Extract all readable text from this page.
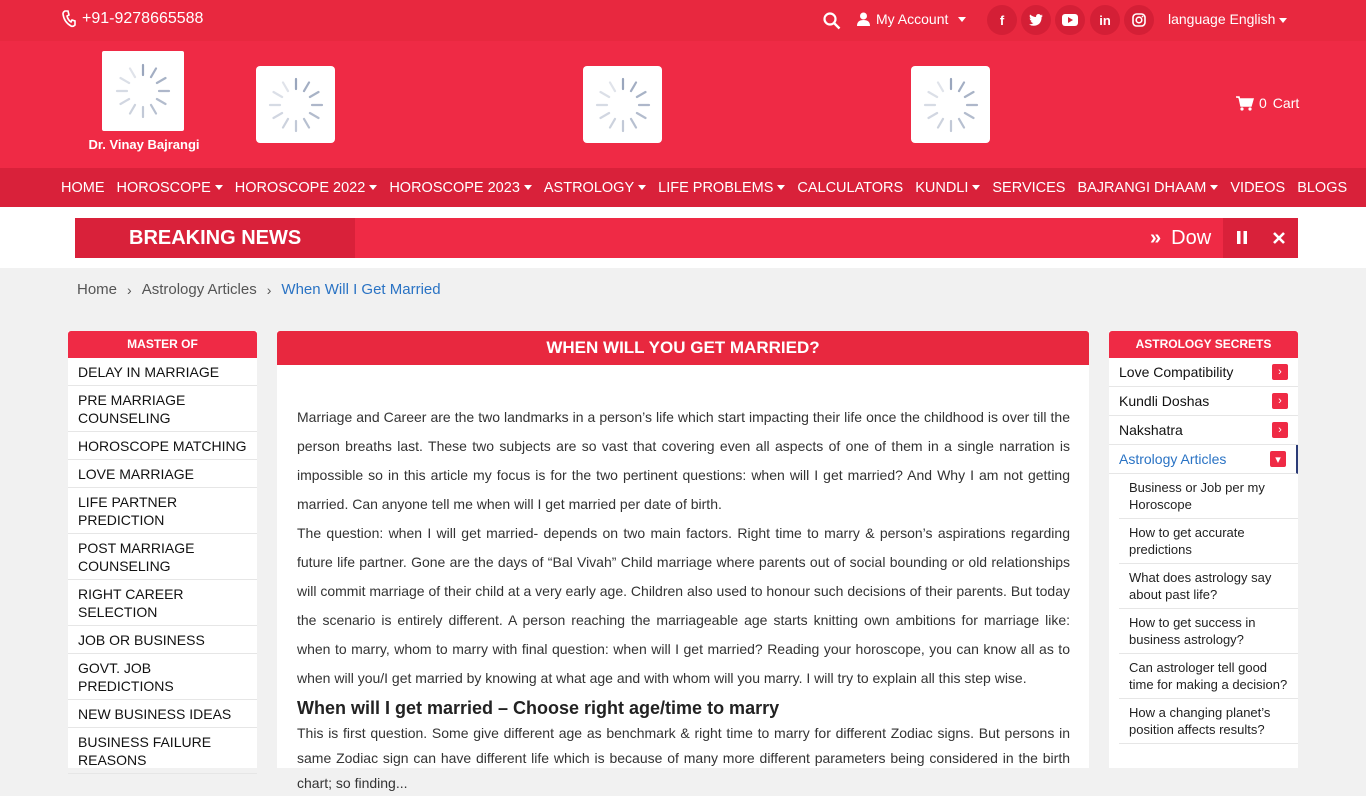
+91-9278665588	My Account	f	in	language English
Dr. Vinay Bajrangi
0 Cart
HOME HOROSCOPE HOROSCOPE 2022 HOROSCOPE 2023 ASTROLOGY LIFE PROBLEMS CALCULATORS KUNDLI SERVICES BAJRANGI DHAAM VIDEOS BLOGS
» Dow
BREAKING NEWS
Home › Astrology Articles › When Will I Get Married
MASTER OF
DELAY IN MARRIAGE
PRE MARRIAGE COUNSELING
HOROSCOPE MATCHING
LOVE MARRIAGE
LIFE PARTNER PREDICTION
POST MARRIAGE COUNSELING
RIGHT CAREER SELECTION
JOB OR BUSINESS
GOVT. JOB PREDICTIONS
NEW BUSINESS IDEAS
BUSINESS FAILURE REASONS
WHEN WILL YOU GET MARRIED?

Marriage and Career are the two landmarks in a person’s life which start impacting their life once the childhood is over till the person breaths last. These two subjects are so vast that covering even all aspects of one of them in a single narration is impossible so in this article my focus is for the two pertinent questions: when will I get married? And Why I am not getting married. Can anyone tell me when will I get married per date of birth.

The question: when I will get married- depends on two main factors. Right time to marry & person’s aspirations regarding future life partner. Gone are the days of “Bal Vivah” Child marriage where parents out of social bounding or old relationships will commit marriage of their child at a very early age. Children also used to honour such decisions of their parents. But today the scenario is entirely different. A person reaching the marriageable age starts knitting own ambitions for marriage like: when to marry, whom to marry with final question: when will I get married? Reading your horoscope, you can know all as to when will you/I get married by knowing at what age and with whom will you marry. I will try to explain all this step wise.

When will I get married – Choose right age/time to marry

This is first question. Some give different age as benchmark & right time to marry for different Zodiac signs. But persons in same Zodiac sign can have different life which is because of many more different parameters being considered in the birth chart; so finding...

ASTROLOGY SECRETS
Love Compatibility	›
Kundli Doshas	›
Nakshatra	›
Astrology Articles	▾
Business or Job per my Horoscope
How to get accurate predictions
What does astrology say about past life?
How to get success in business astrology?
Can astrologer tell good time for making a decision?
How a changing planet’s position affects results?
